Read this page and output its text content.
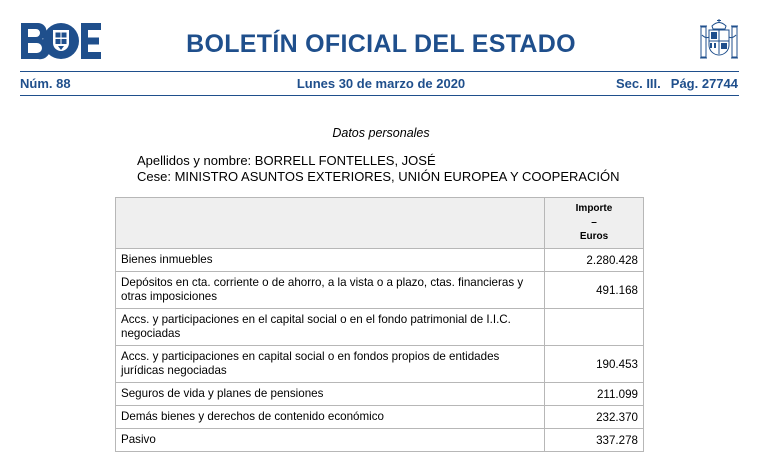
BOLETÍN OFICIAL DEL ESTADO
Núm. 88	Lunes 30 de marzo de 2020	Sec. III. Pág. 27744
Datos personales
Apellidos y nombre: BORRELL FONTELLES, JOSÉ
Cese: MINISTRO ASUNTOS EXTERIORES, UNIÓN EUROPEA Y COOPERACIÓN

	Importe
–
Euros

Bienes inmuebles	2.280.428
Depósitos en cta. corriente o de ahorro, a la vista o a plazo, ctas. financieras y otras imposiciones	491.168
Accs. y participaciones en el capital social o en el fondo patrimonial de I.I.C. negociadas	
Accs. y participaciones en capital social o en fondos propios de entidades jurídicas negociadas	190.453
Seguros de vida y planes de pensiones	211.099
Demás bienes y derechos de contenido económico	232.370
Pasivo	337.278
